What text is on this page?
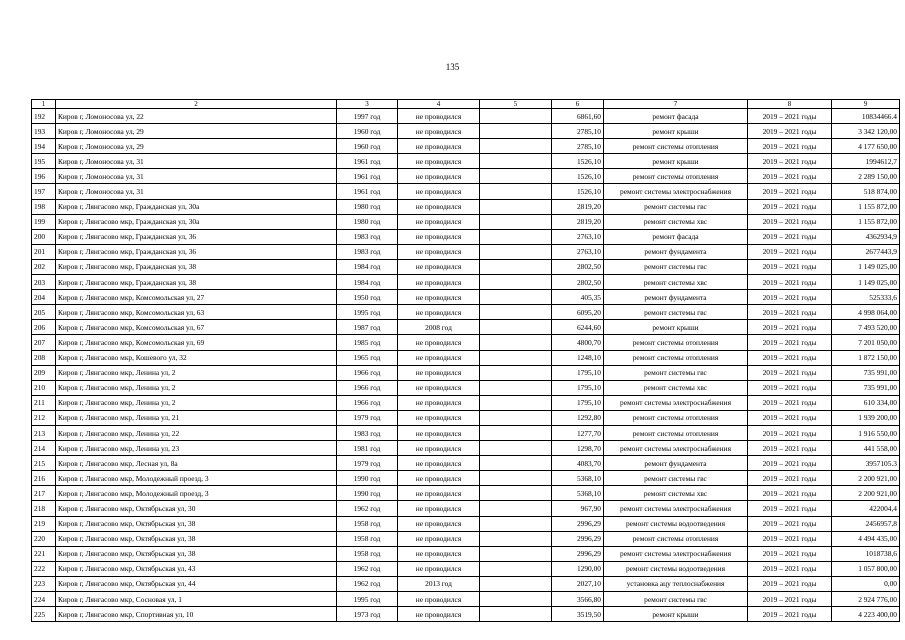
135
1	2	3	4	5	6	7	8	9
192	Киров г, Ломоносова ул, 22	1997 год	не проводился		6861,60	ремонт фасада	2019 – 2021 годы	10834466.4
193	Киров г, Ломоносова ул, 29	1960 год	не проводился		2785,10	ремонт крыши	2019 – 2021 годы	3 342 120,00
194	Киров г, Ломоносова ул, 29	1960 год	не проводился		2785,10	ремонт системы отопления	2019 – 2021 годы	4 177 650,00
195	Киров г, Ломоносова ул, 31	1961 год	не проводился		1526,10	ремонт крыши	2019 – 2021 годы	1994612,7
196	Киров г, Ломоносова ул, 31	1961 год	не проводился		1526,10	ремонт системы отопления	2019 – 2021 годы	2 289 150,00
197	Киров г, Ломоносова ул, 31	1961 год	не проводился		1526,10	ремонт системы электроснабжения	2019 – 2021 годы	518 874,00
198	Киров г, Лянгасово мкр, Гражданская ул, 30а	1980 год	не проводился		2819,20	ремонт системы гвс	2019 – 2021 годы	1 155 872,00
199	Киров г, Лянгасово мкр, Гражданская ул, 30а	1980 год	не проводился		2819,20	ремонт системы хвс	2019 – 2021 годы	1 155 872,00
200	Киров г, Лянгасово мкр, Гражданская ул, 36	1983 год	не проводился		2763,10	ремонт фасада	2019 – 2021 годы	4362934,9
201	Киров г, Лянгасово мкр, Гражданская ул, 36	1983 год	не проводился		2763,10	ремонт фундамента	2019 – 2021 годы	2677443,9
202	Киров г, Лянгасово мкр, Гражданская ул, 38	1984 год	не проводился		2802,50	ремонт системы гвс	2019 – 2021 годы	1 149 025,00
203	Киров г, Лянгасово мкр, Гражданская ул, 38	1984 год	не проводился		2802,50	ремонт системы хвс	2019 – 2021 годы	1 149 025,00
204	Киров г, Лянгасово мкр, Комсомольская ул, 27	1950 год	не проводился		405,35	ремонт фундамента	2019 – 2021 годы	525333,6
205	Киров г, Лянгасово мкр, Комсомольская ул, 63	1995 год	не проводился		6095,20	ремонт системы гвс	2019 – 2021 годы	4 998 064,00
206	Киров г, Лянгасово мкр, Комсомольская ул, 67	1987 год	2008 год		6244,60	ремонт крыши	2019 – 2021 годы	7 493 520,00
207	Киров г, Лянгасово мкр, Комсомольская ул, 69	1985 год	не проводился		4800,70	ремонт системы отопления	2019 – 2021 годы	7 201 050,00
208	Киров г, Лянгасово мкр, Кошевого ул, 32	1965 год	не проводился		1248,10	ремонт системы отопления	2019 – 2021 годы	1 872 150,00
209	Киров г, Лянгасово мкр, Ленина ул, 2	1966 год	не проводился		1795,10	ремонт системы гвс	2019 – 2021 годы	735 991,00
210	Киров г, Лянгасово мкр, Ленина ул, 2	1966 год	не проводился		1795,10	ремонт системы хвс	2019 – 2021 годы	735 991,00
211	Киров г, Лянгасово мкр, Ленина ул, 2	1966 год	не проводился		1795,10	ремонт системы электроснабжения	2019 – 2021 годы	610 334,00
212	Киров г, Лянгасово мкр, Ленина ул, 21	1979 год	не проводился		1292,80	ремонт системы отопления	2019 – 2021 годы	1 939 200,00
213	Киров г, Лянгасово мкр, Ленина ул, 22	1983 год	не проводился		1277,70	ремонт системы отопления	2019 – 2021 годы	1 916 550,00
214	Киров г, Лянгасово мкр, Ленина ул, 23	1981 год	не проводился		1298,70	ремонт системы электроснабжения	2019 – 2021 годы	441 558,00
215	Киров г, Лянгасово мкр, Лесная ул, 8а	1979 год	не проводился		4083,70	ремонт фундамента	2019 – 2021 годы	3957105.3
216	Киров г, Лянгасово мкр, Молодежный проезд, 3	1990 год	не проводился		5368,10	ремонт системы гвс	2019 – 2021 годы	2 200 921,00
217	Киров г, Лянгасово мкр, Молодежный проезд, 3	1990 год	не проводился		5368,10	ремонт системы хвс	2019 – 2021 годы	2 200 921,00
218	Киров г, Лянгасово мкр, Октябрьская ул, 30	1962 год	не проводился		967,90	ремонт системы электроснабжения	2019 – 2021 годы	422004,4
219	Киров г, Лянгасово мкр, Октябрьская ул, 38	1958 год	не проводился		2996,29	ремонт системы водоотведения	2019 – 2021 годы	2456957,8
220	Киров г, Лянгасово мкр, Октябрьская ул, 38	1958 год	не проводился		2996,29	ремонт системы отопления	2019 – 2021 годы	4 494 435,00
221	Киров г, Лянгасово мкр, Октябрьская ул, 38	1958 год	не проводился		2996,29	ремонт системы электроснабжения	2019 – 2021 годы	1018738,6
222	Киров г, Лянгасово мкр, Октябрьская ул, 43	1962 год	не проводился		1290,00	ремонт системы водоотведения	2019 – 2021 годы	1 057 800,00
223	Киров г, Лянгасово мкр, Октябрьская ул, 44	1962 год	2013 год		2027,10	установка ацу теплоснабжения	2019 – 2021 годы	0,00
224	Киров г, Лянгасово мкр, Сосновая ул, 1	1995 год	не проводился		3566,80	ремонт системы гвс	2019 – 2021 годы	2 924 776,00
225	Киров г, Лянгасово мкр, Спортивная ул, 10	1973 год	не проводился		3519,50	ремонт крыши	2019 – 2021 годы	4 223 400,00
